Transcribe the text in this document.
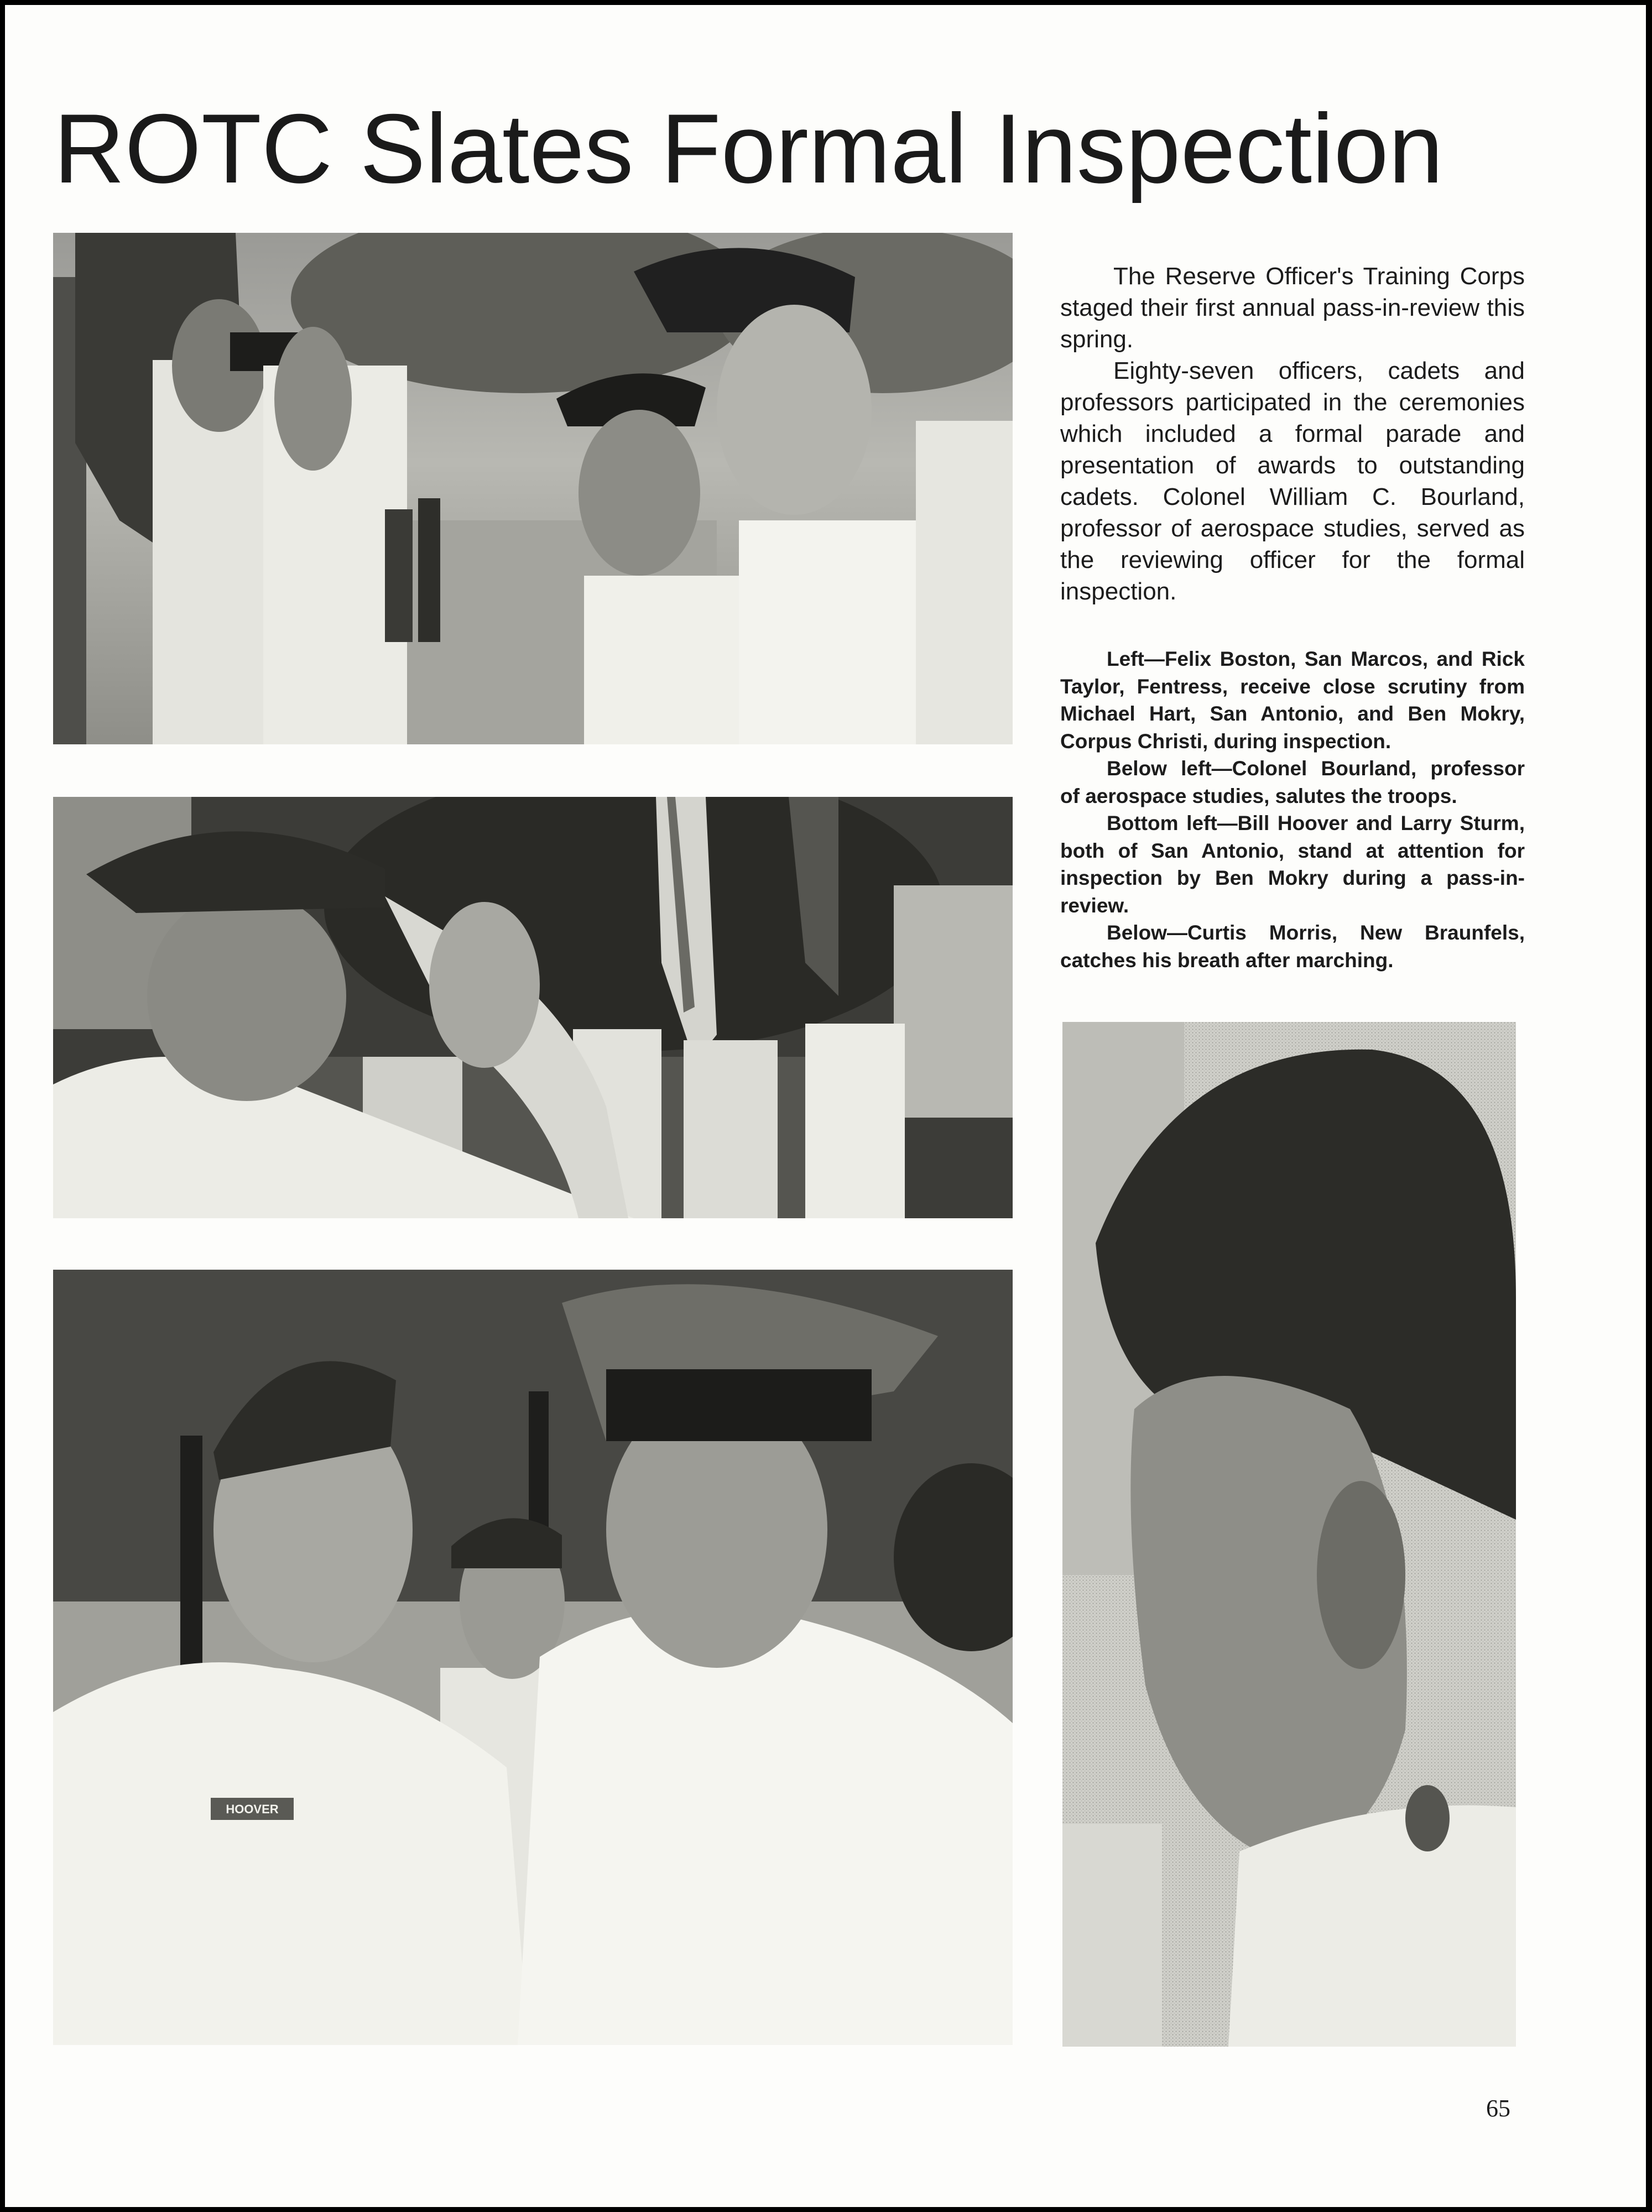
ROTC Slates Formal Inspection
HOOVER

The Reserve Officer's Training Corps staged their first annual pass-in-review this spring.

Eighty-seven officers, cadets and professors participated in the ceremonies which included a formal parade and presentation of awards to outstanding cadets. Colonel William C. Bourland, professor of aerospace studies, served as the reviewing officer for the formal inspection.

Left—Felix Boston, San Marcos, and Rick Taylor, Fentress, receive close scrutiny from Michael Hart, San Antonio, and Ben Mokry, Corpus Christi, during inspection.

Below left—Colonel Bourland, professor of aerospace studies, salutes the troops.

Bottom left—Bill Hoover and Larry Sturm, both of San Antonio, stand at attention for inspection by Ben Mokry during a pass-in-review.

Below—Curtis Morris, New Braunfels, catches his breath after marching.

65
